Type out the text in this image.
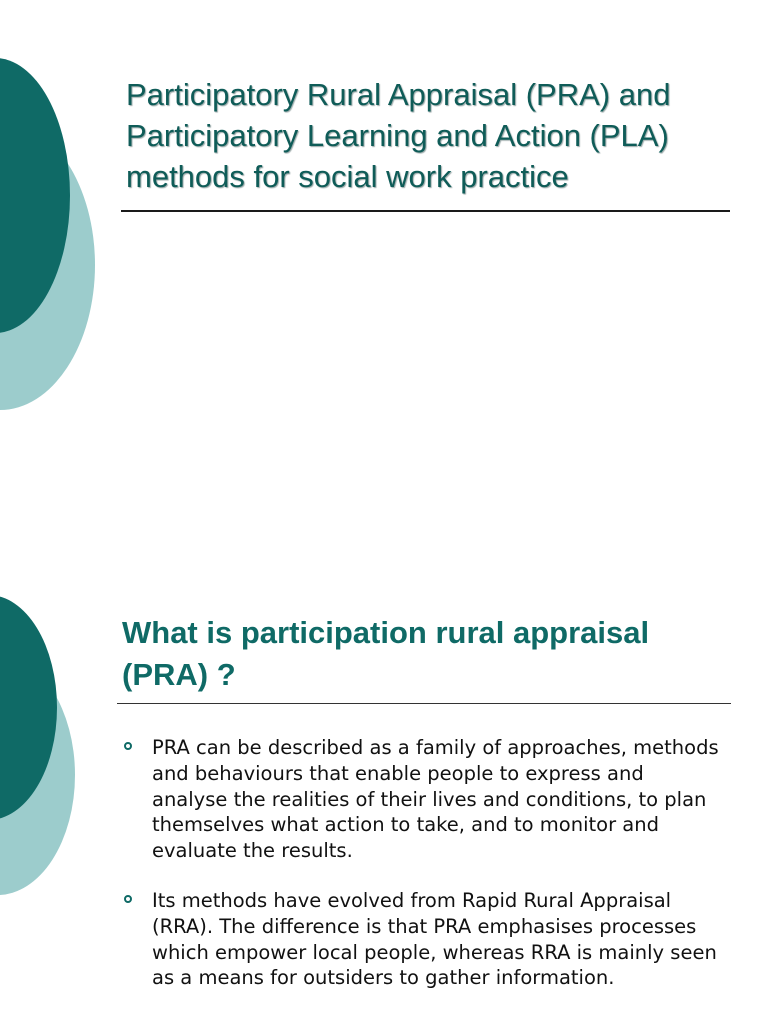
Participatory Rural Appraisal (PRA) and Participatory Learning and Action (PLA) methods for social work practice
What is participation rural appraisal (PRA) ?
PRA can be described as a family of approaches, methods and behaviours that enable people to express and analyse the realities of their lives and conditions, to plan themselves what action to take, and to monitor and evaluate the results.
Its methods have evolved from Rapid Rural Appraisal (RRA). The difference is that PRA emphasises processes which empower local people, whereas RRA is mainly seen as a means for outsiders to gather information.
